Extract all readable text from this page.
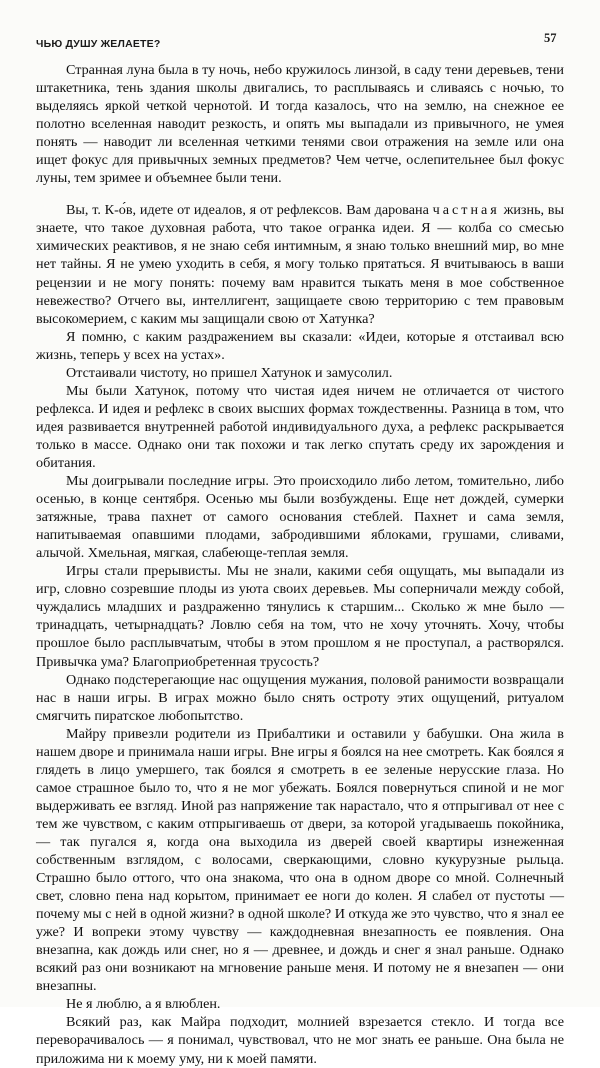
ЧЬЮ ДУШУ ЖЕЛАЕТЕ?	57

Странная луна была в ту ночь, небо кружилось линзой, в саду тени деревьев, тени штакетника, тень здания школы двигались, то расплываясь и сливаясь с ночью, то выделяясь яркой четкой чернотой. И тогда казалось, что на землю, на снежное ее полотно вселенная наводит резкость, и опять мы выпадали из привычного, не умея понять — наводит ли вселенная четкими тенями свои отражения на земле или она ищет фокус для привычных земных предметов? Чем четче, ослепительнее был фокус луны, тем зримее и объемнее были тени.

Вы, т. К-о́в, идете от идеалов, я от рефлексов. Вам дарована частная жизнь, вы знаете, что такое духовная работа, что такое огранка идеи. Я — колба со смесью химических реактивов, я не знаю себя интимным, я знаю только внешний мир, во мне нет тайны. Я не умею уходить в себя, я могу только прятаться. Я вчитываюсь в ваши рецензии и не могу понять: почему вам нравится тыкать меня в мое собственное невежество? Отчего вы, интеллигент, защищаете свою территорию с тем правовым высокомерием, с каким мы защищали свою от Хатунка?

Я помню, с каким раздражением вы сказали: «Идеи, которые я отстаивал всю жизнь, теперь у всех на устах».

Отстаивали чистоту, но пришел Хатунок и замусолил.

Мы были Хатунок, потому что чистая идея ничем не отличается от чистого рефлекса. И идея и рефлекс в своих высших формах тождественны. Разница в том, что идея развивается внутренней работой индивидуального духа, а рефлекс раскрывается только в массе. Однако они так похожи и так легко спутать среду их зарождения и обитания.

Мы доигрывали последние игры. Это происходило либо летом, томительно, либо осенью, в конце сентября. Осенью мы были возбуждены. Еще нет дождей, сумерки затяжные, трава пахнет от самого основания стеблей. Пахнет и сама земля, напитываемая опавшими плодами, забродившими яблоками, грушами, сливами, алычой. Хмельная, мягкая, слабеюще-теплая земля.

Игры стали прерывисты. Мы не знали, какими себя ощущать, мы выпадали из игр, словно созревшие плоды из уюта своих деревьев. Мы соперничали между собой, чуждались младших и раздраженно тянулись к старшим... Сколько ж мне было — тринадцать, четырнадцать? Ловлю себя на том, что не хочу уточнять. Хочу, чтобы прошлое было расплывчатым, чтобы в этом прошлом я не проступал, а растворялся. Привычка ума? Благоприобретенная трусость?

Однако подстерегающие нас ощущения мужания, половой ранимости возвращали нас в наши игры. В играх можно было снять остроту этих ощущений, ритуалом смягчить пиратское любопытство.

Майру привезли родители из Прибалтики и оставили у бабушки. Она жила в нашем дворе и принимала наши игры. Вне игры я боялся на нее смотреть. Как боялся я глядеть в лицо умершего, так боялся я смотреть в ее зеленые нерусские глаза. Но самое страшное было то, что я не мог убежать. Боялся повернуться спиной и не мог выдерживать ее взгляд. Иной раз напряжение так нарастало, что я отпрыгивал от нее с тем же чувством, с каким отпрыгиваешь от двери, за которой угадываешь покойника,— так пугался я, когда она выходила из дверей своей квартиры изнеженная собственным взглядом, с волосами, сверкающими, словно кукурузные рыльца. Страшно было оттого, что она знакома, что она в одном дворе со мной. Солнечный свет, словно пена над корытом, принимает ее ноги до колен. Я слабел от пустоты — почему мы с ней в одной жизни? в одной школе? И откуда же это чувство, что я знал ее уже? И вопреки этому чувству — каждодневная внезапность ее появления. Она внезапна, как дождь или снег, но я — древнее, и дождь и снег я знал раньше. Однако всякий раз они возникают на мгновение раньше меня. И потому не я внезапен — они внезапны.

Не я люблю, а я влюблен.

Всякий раз, как Майра подходит, молнией взрезается стекло. И тогда все переворачивалось — я понимал, чувствовал, что не мог знать ее раньше. Она была не приложима ни к моему уму, ни к моей памяти.
